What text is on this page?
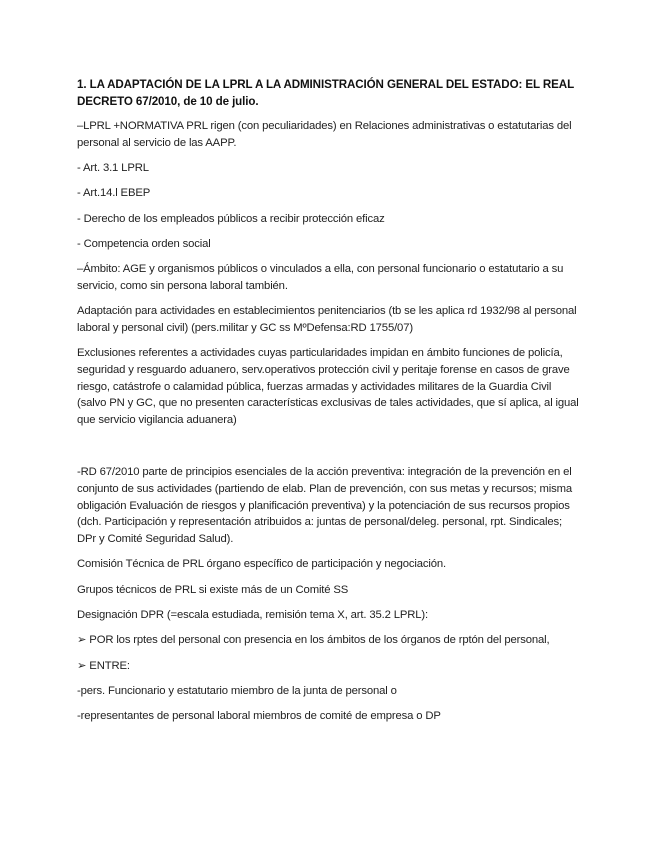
1. LA ADAPTACIÓN DE LA LPRL A LA ADMINISTRACIÓN GENERAL DEL ESTADO: EL REAL DECRETO 67/2010, de 10 de julio.

–LPRL +NORMATIVA PRL rigen (con peculiaridades) en Relaciones administrativas o estatutarias del personal al servicio de las AAPP.

- Art. 3.1 LPRL

- Art.14.l EBEP

- Derecho de los empleados públicos a recibir protección eficaz

- Competencia orden social

–Ámbito: AGE y organismos públicos o vinculados a ella, con personal funcionario o estatutario a su servicio, como sin persona laboral también.

Adaptación para actividades en establecimientos penitenciarios (tb se les aplica rd 1932/98 al personal laboral y personal civil) (pers.militar y GC ss MºDefensa:RD 1755/07)

Exclusiones referentes a actividades cuyas particularidades impidan en ámbito funciones de policía, seguridad y resguardo aduanero, serv.operativos protección civil y peritaje forense en casos de grave riesgo, catástrofe o calamidad pública, fuerzas armadas y actividades militares de la Guardia Civil (salvo PN y GC, que no presenten características exclusivas de tales actividades, que sí aplica, al igual que servicio vigilancia aduanera)

-RD 67/2010 parte de principios esenciales de la acción preventiva: integración de la prevención en el conjunto de sus actividades (partiendo de elab. Plan de prevención, con sus metas y recursos; misma obligación Evaluación de riesgos y planificación preventiva) y la potenciación de sus recursos propios (dch. Participación y representación atribuidos a: juntas de personal/deleg. personal, rpt. Sindicales; DPr y Comité Seguridad Salud).

Comisión Técnica de PRL órgano específico de participación y negociación.

Grupos técnicos de PRL si existe más de un Comité SS

Designación DPR (=escala estudiada, remisión tema X, art. 35.2 LPRL):

➢ POR los rptes del personal con presencia en los ámbitos de los órganos de rptón del personal,

➢ ENTRE:

-pers. Funcionario y estatutario miembro de la junta de personal o

-representantes de personal laboral miembros de comité de empresa o DP
